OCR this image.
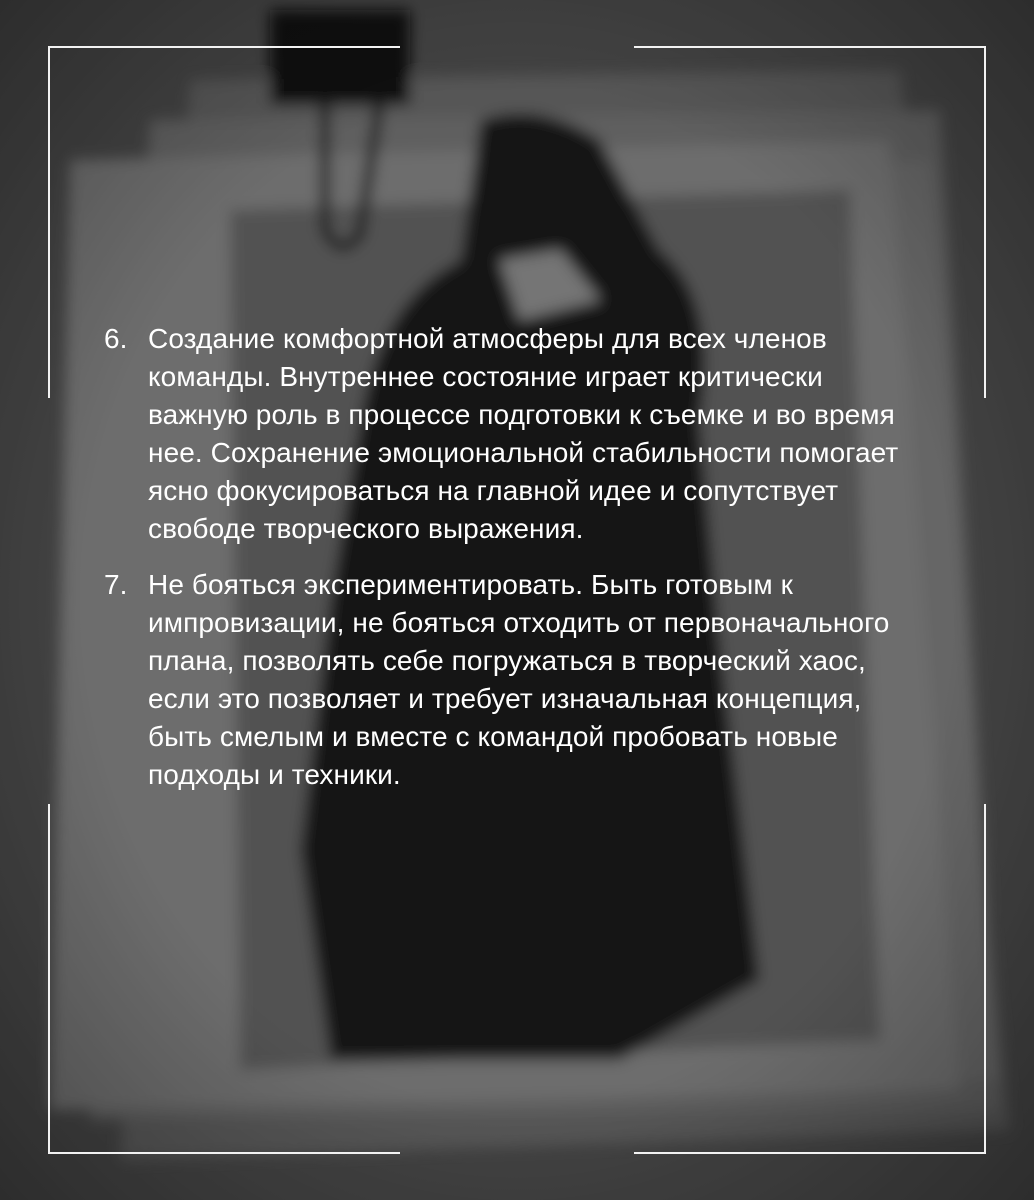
6. Создание комфортной атмосферы для всех членов команды. Внутреннее состояние играет критически важную роль в процессе подготовки к съемке и во время нее. Сохранение эмоциональной стабильности помогает ясно фокусироваться на главной идее и сопутствует свободе творческого выражения.
7. Не бояться экспериментировать. Быть готовым к импровизации, не бояться отходить от первоначального плана, позволять себе погружаться в творческий хаос, если это позволяет и требует изначальная концепция, быть смелым и вместе с командой пробовать новые подходы и техники.
